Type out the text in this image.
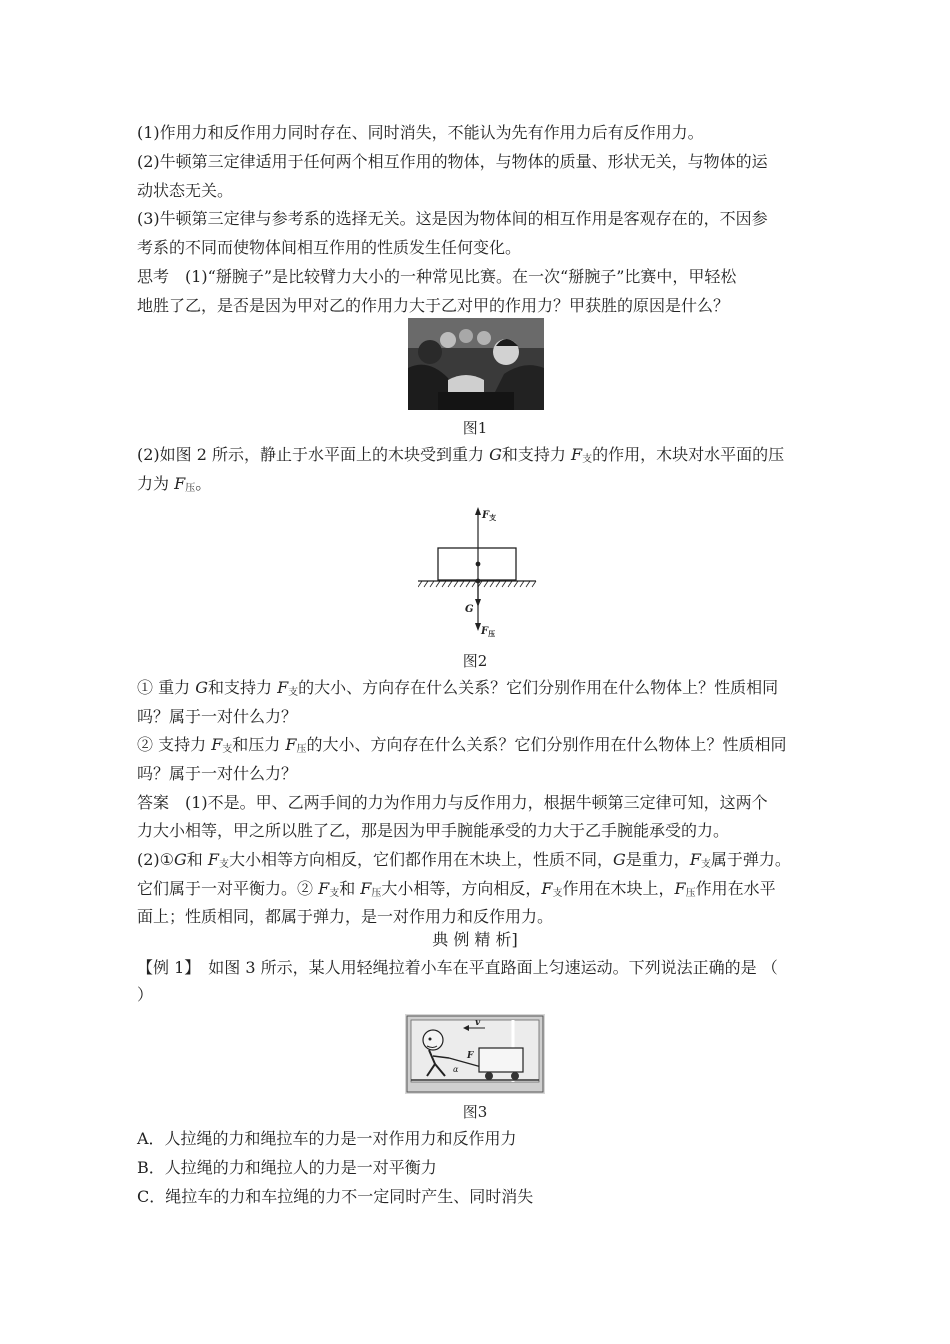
(1)作用力和反作用力同时存在、同时消失，不能认为先有作用力后有反作用力。
(2)牛顿第三定律适用于任何两个相互作用的物体，与物体的质量、形状无关，与物体的运
动状态无关。
(3)牛顿第三定律与参考系的选择无关。这是因为物体间的相互作用是客观存在的，不因参
考系的不同而使物体间相互作用的性质发生任何变化。
思考　(1)“掰腕子”是比较臂力大小的一种常见比赛。在一次“掰腕子”比赛中，甲轻松
地胜了乙，是否是因为甲对乙的作用力大于乙对甲的作用力？甲获胜的原因是什么？
图1
(2)如图 2 所示，静止于水平面上的木块受到重力 G和支持力 $F_支$的作用，木块对水平面的压
力为 $F_压$。
$F_支$
G
$F_压$
图2
① 重力 G和支持力 $F_支$的大小、方向存在什么关系？它们分别作用在什么物体上？性质相同
吗？属于一对什么力？
② 支持力 $F_支$和压力 $F_压$的大小、方向存在什么关系？它们分别作用在什么物体上？性质相同
吗？属于一对什么力？
答案　(1)不是。甲、乙两手间的力为作用力与反作用力，根据牛顿第三定律可知，这两个
力大小相等，甲之所以胜了乙，那是因为甲手腕能承受的力大于乙手腕能承受的力。
(2)①G和 $F_支$大小相等方向相反，它们都作用在木块上，性质不同，G是重力，$F_支$属于弹力。
它们属于一对平衡力。② $F_支$和 $F_压$大小相等，方向相反，$F_支$作用在木块上，$F_压$作用在水平
面上；性质相同，都属于弹力，是一对作用力和反作用力。
典 例 精 析]
【例 1】　如图 3 所示，某人用轻绳拉着小车在平直路面上匀速运动。下列说法正确的是 （
）
v
F
α
图3
A．人拉绳的力和绳拉车的力是一对作用力和反作用力
B．人拉绳的力和绳拉人的力是一对平衡力
C．绳拉车的力和车拉绳的力不一定同时产生、同时消失
